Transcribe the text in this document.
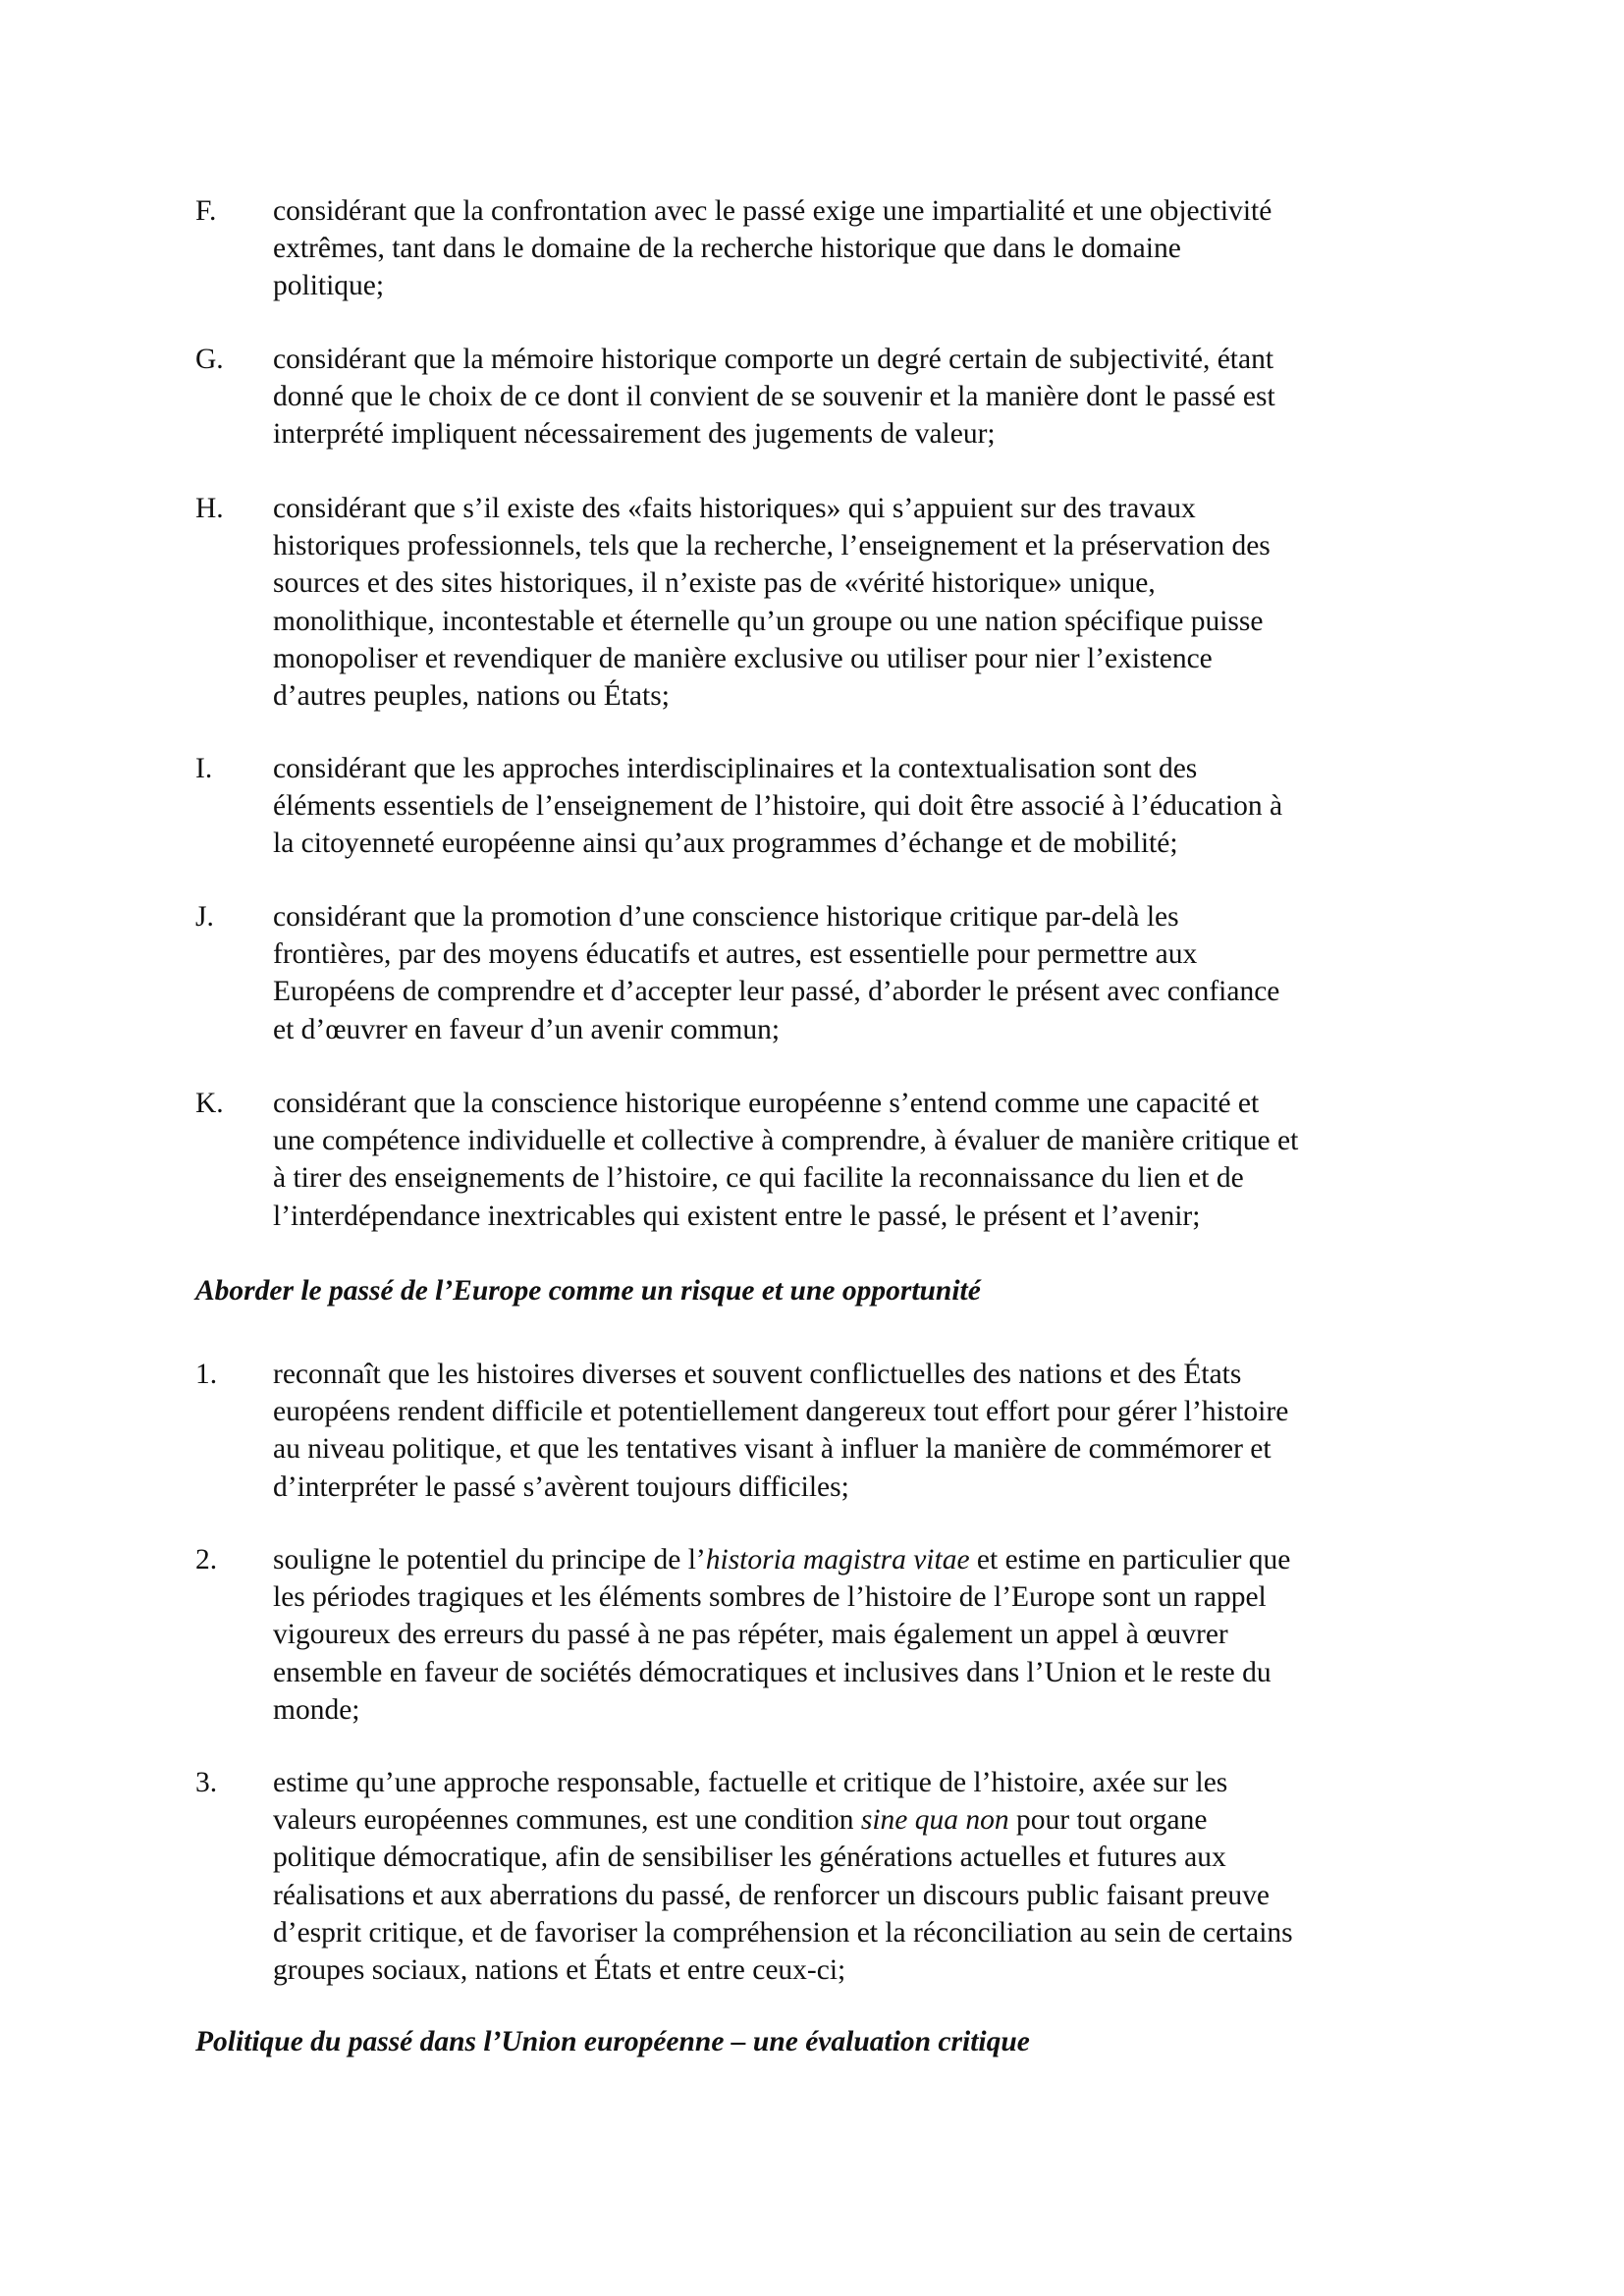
F. considérant que la confrontation avec le passé exige une impartialité et une objectivité
extrêmes, tant dans le domaine de la recherche historique que dans le domaine
politique;
G. considérant que la mémoire historique comporte un degré certain de subjectivité, étant
donné que le choix de ce dont il convient de se souvenir et la manière dont le passé est
interprété impliquent nécessairement des jugements de valeur;
H. considérant que s’il existe des «faits historiques» qui s’appuient sur des travaux
historiques professionnels, tels que la recherche, l’enseignement et la préservation des
sources et des sites historiques, il n’existe pas de «vérité historique» unique,
monolithique, incontestable et éternelle qu’un groupe ou une nation spécifique puisse
monopoliser et revendiquer de manière exclusive ou utiliser pour nier l’existence
d’autres peuples, nations ou États;
I. considérant que les approches interdisciplinaires et la contextualisation sont des
éléments essentiels de l’enseignement de l’histoire, qui doit être associé à l’éducation à
la citoyenneté européenne ainsi qu’aux programmes d’échange et de mobilité;
J. considérant que la promotion d’une conscience historique critique par-delà les
frontières, par des moyens éducatifs et autres, est essentielle pour permettre aux
Européens de comprendre et d’accepter leur passé, d’aborder le présent avec confiance
et d’œuvrer en faveur d’un avenir commun;
K. considérant que la conscience historique européenne s’entend comme une capacité et
une compétence individuelle et collective à comprendre, à évaluer de manière critique et
à tirer des enseignements de l’histoire, ce qui facilite la reconnaissance du lien et de
l’interdépendance inextricables qui existent entre le passé, le présent et l’avenir;
Aborder le passé de l’Europe comme un risque et une opportunité
1. reconnaît que les histoires diverses et souvent conflictuelles des nations et des États
européens rendent difficile et potentiellement dangereux tout effort pour gérer l’histoire
au niveau politique, et que les tentatives visant à influer la manière de commémorer et
d’interpréter le passé s’avèrent toujours difficiles;
2. souligne le potentiel du principe de l’historia magistra vitae et estime en particulier que
les périodes tragiques et les éléments sombres de l’histoire de l’Europe sont un rappel
vigoureux des erreurs du passé à ne pas répéter, mais également un appel à œuvrer
ensemble en faveur de sociétés démocratiques et inclusives dans l’Union et le reste du
monde;
3. estime qu’une approche responsable, factuelle et critique de l’histoire, axée sur les
valeurs européennes communes, est une condition sine qua non pour tout organe
politique démocratique, afin de sensibiliser les générations actuelles et futures aux
réalisations et aux aberrations du passé, de renforcer un discours public faisant preuve
d’esprit critique, et de favoriser la compréhension et la réconciliation au sein de certains
groupes sociaux, nations et États et entre ceux-ci;
Politique du passé dans l’Union européenne – une évaluation critique
